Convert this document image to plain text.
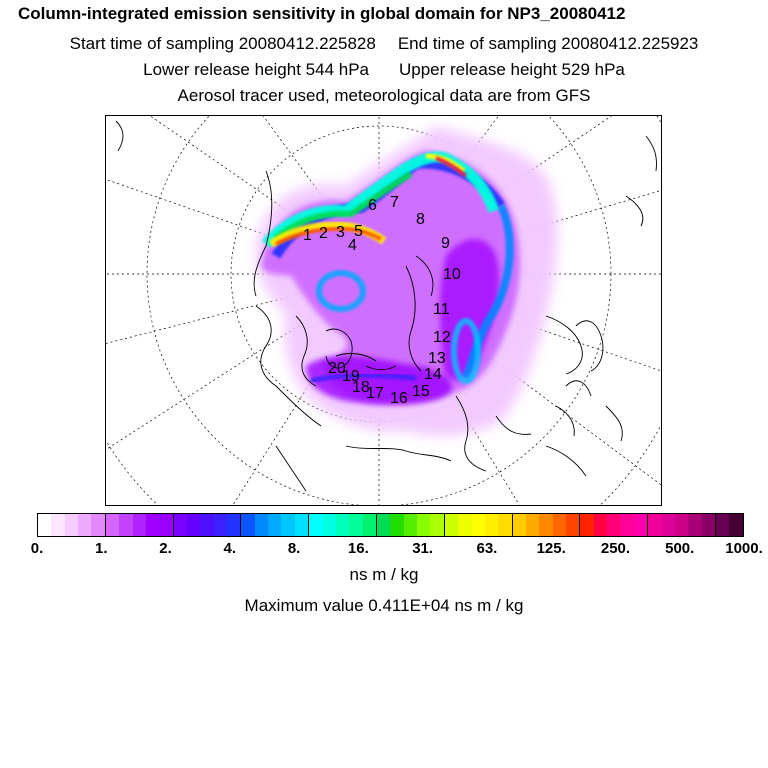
Column-integrated emission sensitivity in global domain for NP3_20080412
Start time of sampling 20080412.225828 End time of sampling 20080412.225923
Lower release height 544 hPa Upper release height 529 hPa
Aerosol tracer used, meteorological data are from GFS
1 2 3
4
5
6 7
8
9
10
11
12
13
14
15
16
17
18
19
20
0.	1.	2.	4.	8.	16.	31.	63.	125. 250. 500. 1000.
ns m / kg
Maximum value 0.411E+04 ns m / kg
